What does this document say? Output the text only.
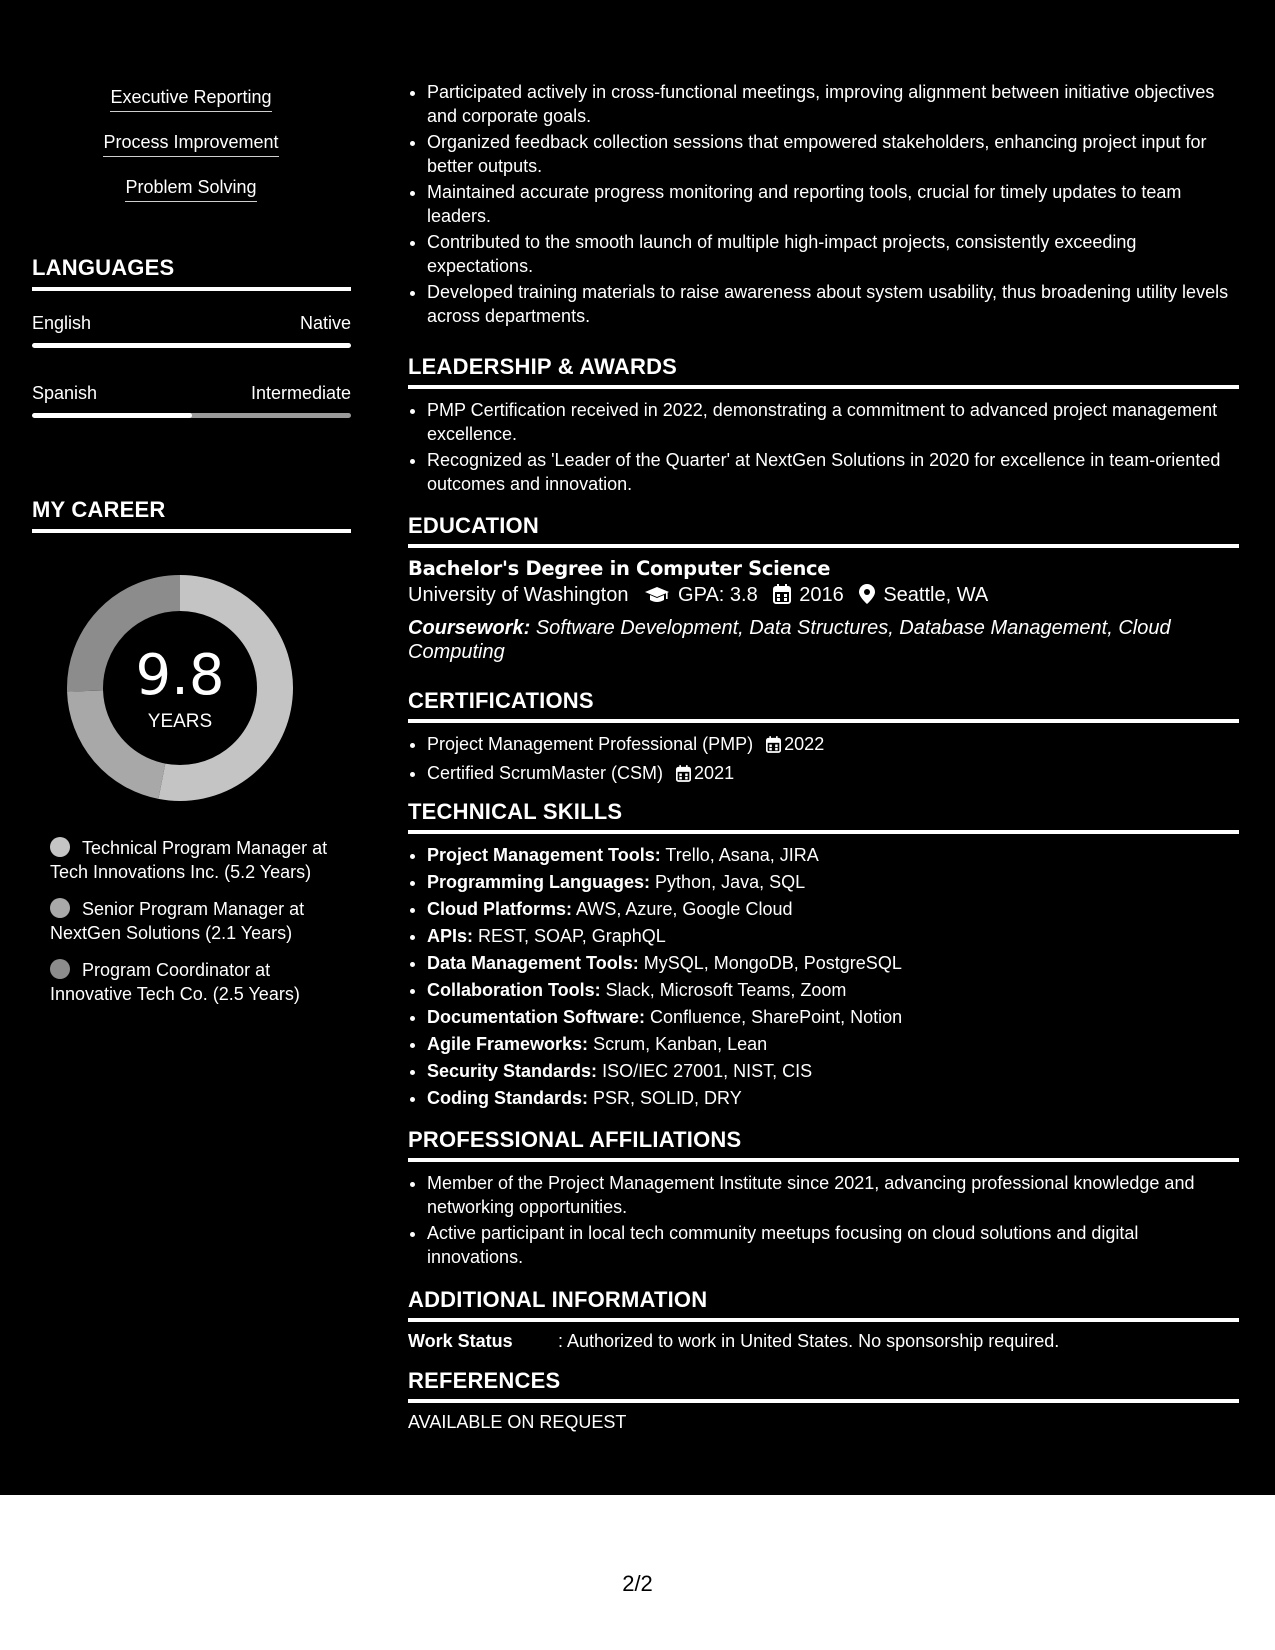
Executive Reporting
Process Improvement
Problem Solving
LANGUAGES
English	Native
Spanish	Intermediate
MY CAREER
9.8
YEARS
Technical Program Manager at Tech Innovations Inc. (5.2 Years)
Senior Program Manager at NextGen Solutions (2.1 Years)
Program Coordinator at Innovative Tech Co. (2.5 Years)
• Participated actively in cross-functional meetings, improving alignment between initiative objectives and corporate goals.
• Organized feedback collection sessions that empowered stakeholders, enhancing project input for better outputs.
• Maintained accurate progress monitoring and reporting tools, crucial for timely updates to team leaders.
• Contributed to the smooth launch of multiple high-impact projects, consistently exceeding expectations.
• Developed training materials to raise awareness about system usability, thus broadening utility levels across departments.
LEADERSHIP & AWARDS
• PMP Certification received in 2022, demonstrating a commitment to advanced project management excellence.
• Recognized as 'Leader of the Quarter' at NextGen Solutions in 2020 for excellence in team-oriented outcomes and innovation.
EDUCATION
Bachelor's Degree in Computer Science
University of Washington GPA: 3.8 2016 Seattle, WA
Coursework: Software Development, Data Structures, Database Management, Cloud Computing
CERTIFICATIONS
• Project Management Professional (PMP) 2022
• Certified ScrumMaster (CSM) 2021
TECHNICAL SKILLS
• Project Management Tools: Trello, Asana, JIRA
• Programming Languages: Python, Java, SQL
• Cloud Platforms: AWS, Azure, Google Cloud
• APIs: REST, SOAP, GraphQL
• Data Management Tools: MySQL, MongoDB, PostgreSQL
• Collaboration Tools: Slack, Microsoft Teams, Zoom
• Documentation Software: Confluence, SharePoint, Notion
• Agile Frameworks: Scrum, Kanban, Lean
• Security Standards: ISO/IEC 27001, NIST, CIS
• Coding Standards: PSR, SOLID, DRY
PROFESSIONAL AFFILIATIONS
• Member of the Project Management Institute since 2021, advancing professional knowledge and networking opportunities.
• Active participant in local tech community meetups focusing on cloud solutions and digital innovations.
ADDITIONAL INFORMATION
Work Status	: Authorized to work in United States. No sponsorship required.
REFERENCES
AVAILABLE ON REQUEST
2/2
